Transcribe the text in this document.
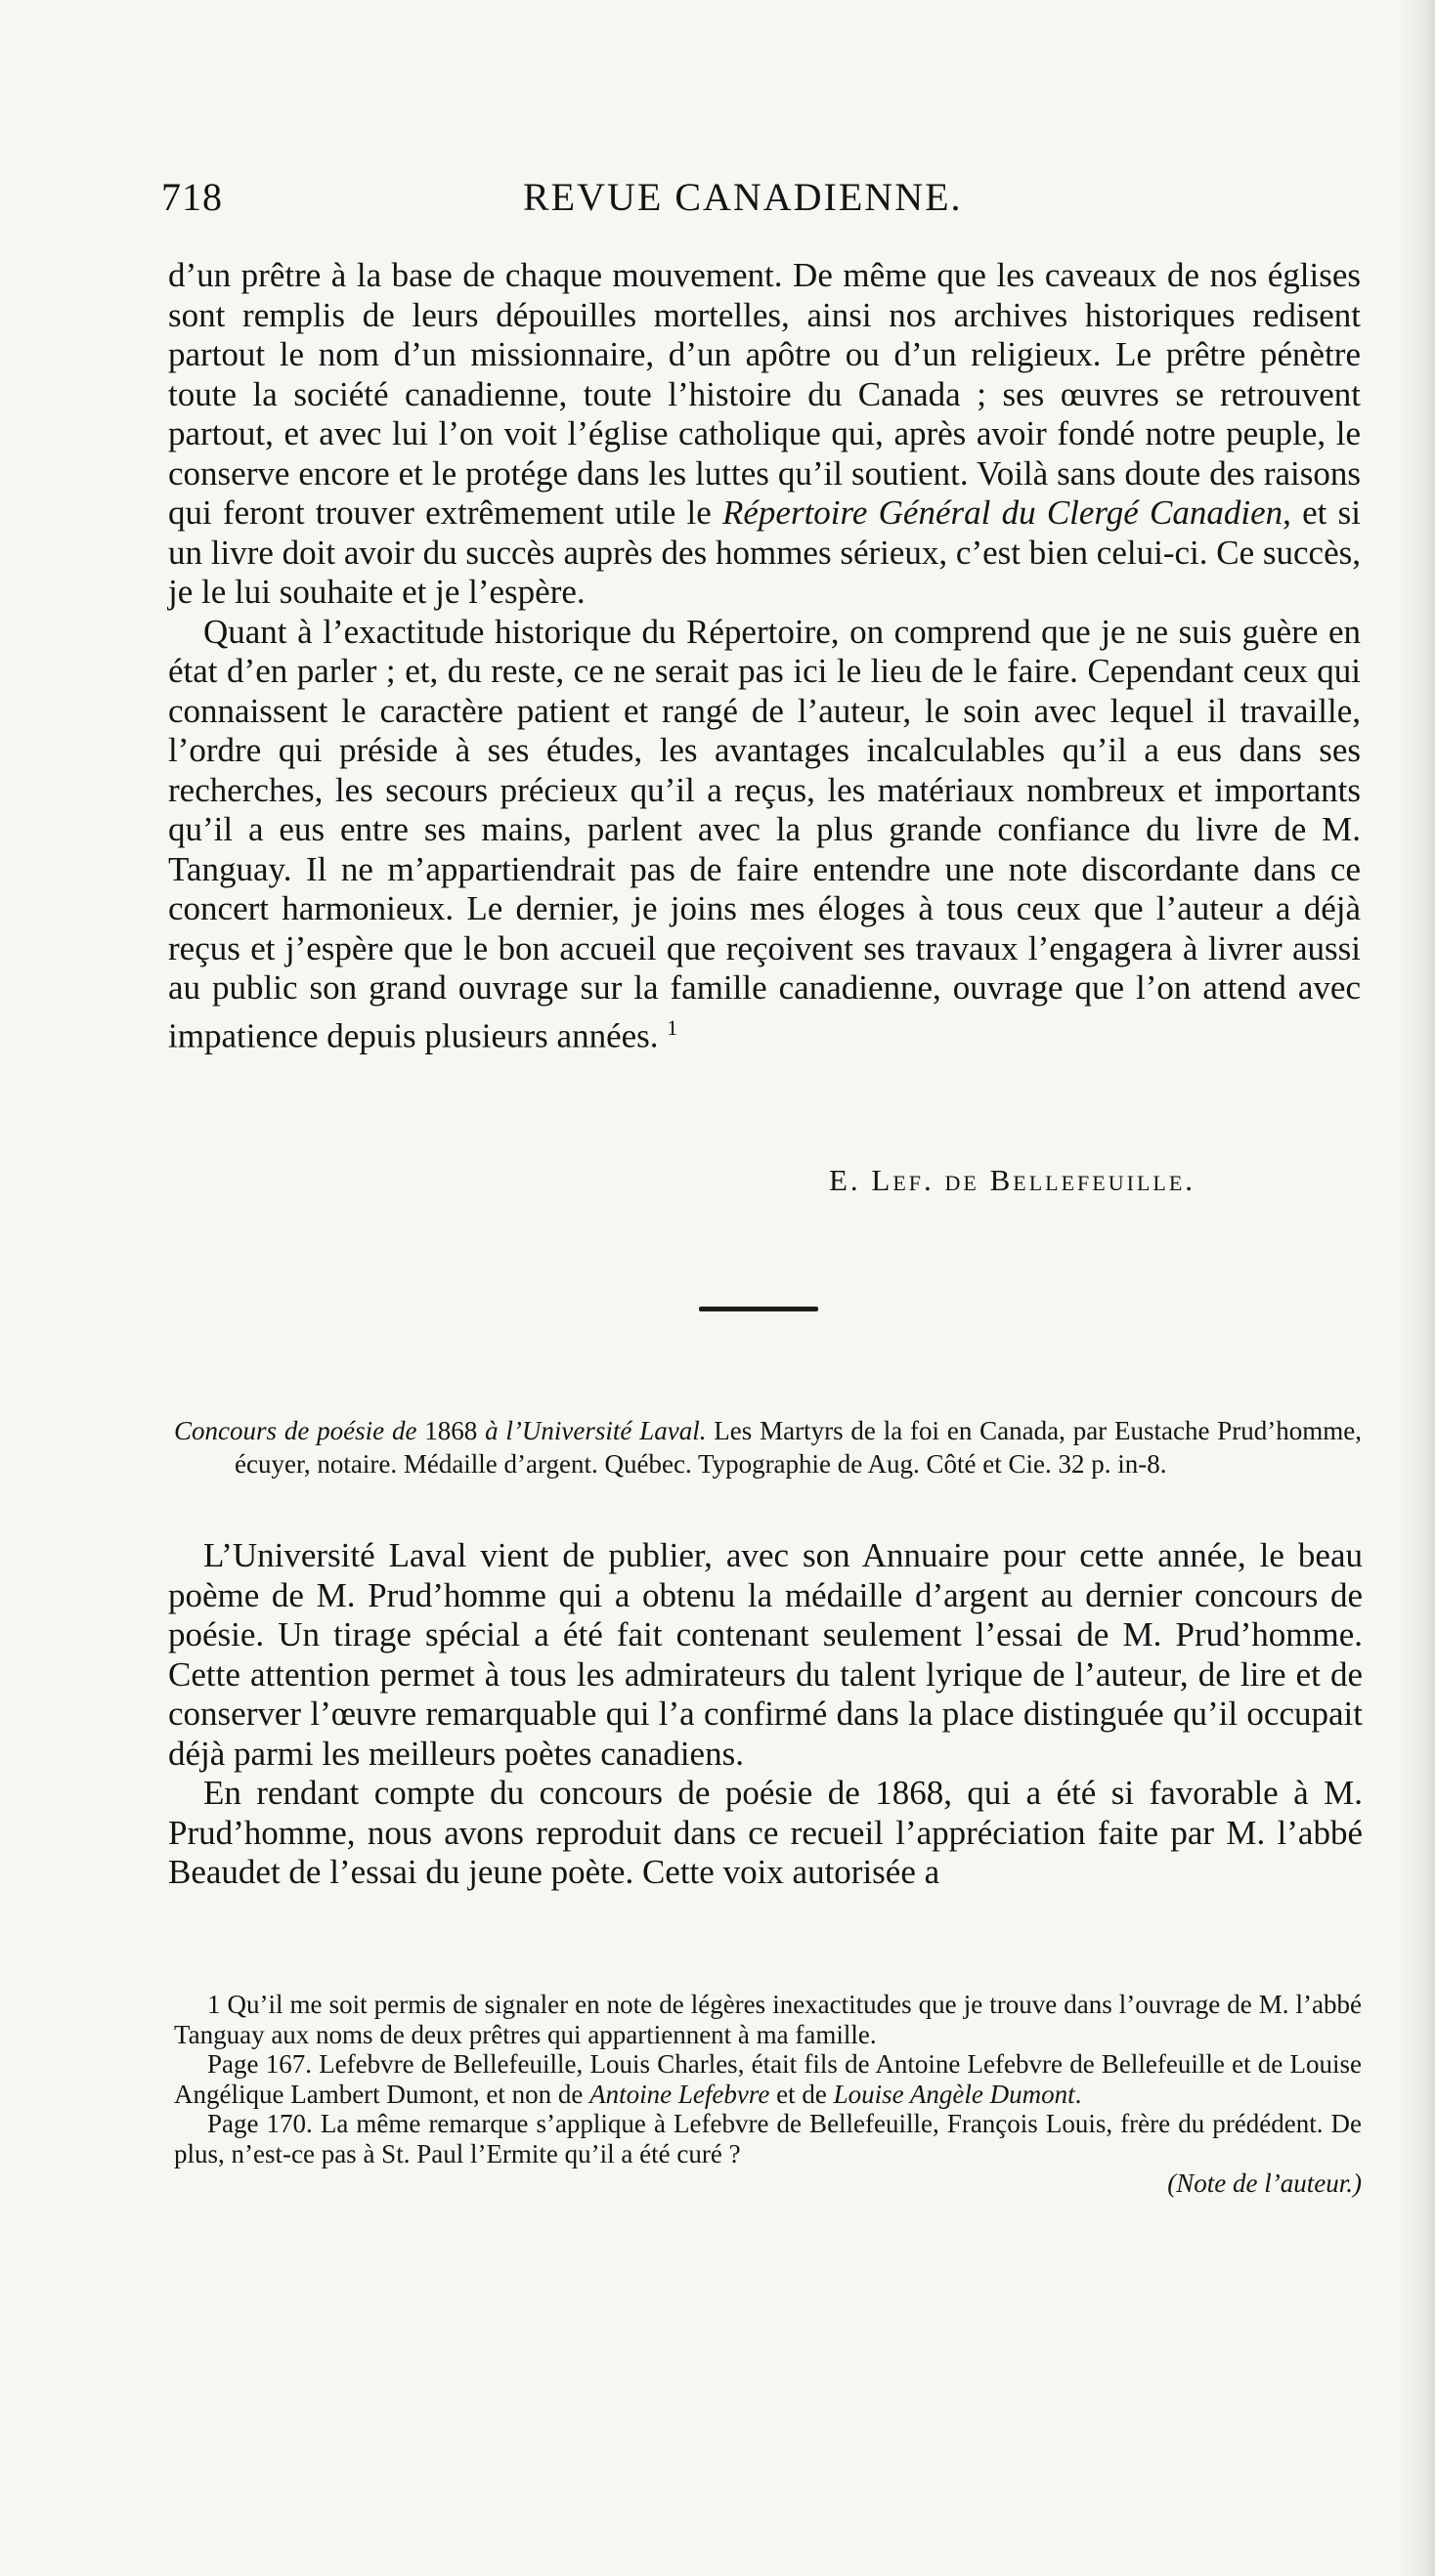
718	REVUE CANADIENNE.

d’un prêtre à la base de chaque mouvement. De même que les caveaux de nos églises sont remplis de leurs dépouilles mortelles, ainsi nos archives historiques redisent partout le nom d’un missionnaire, d’un apôtre ou d’un religieux. Le prêtre pénètre toute la société canadienne, toute l’histoire du Canada ; ses œuvres se retrouvent partout, et avec lui l’on voit l’église catholique qui, après avoir fondé notre peuple, le conserve encore et le protége dans les luttes qu’il soutient. Voilà sans doute des raisons qui feront trouver extrêmement utile le Répertoire Général du Clergé Canadien, et si un livre doit avoir du succès auprès des hommes sérieux, c’est bien celui-ci. Ce succès, je le lui souhaite et je l’espère.

Quant à l’exactitude historique du Répertoire, on comprend que je ne suis guère en état d’en parler ; et, du reste, ce ne serait pas ici le lieu de le faire. Cependant ceux qui connaissent le caractère patient et rangé de l’auteur, le soin avec lequel il travaille, l’ordre qui préside à ses études, les avantages incalculables qu’il a eus dans ses recherches, les secours précieux qu’il a reçus, les matériaux nombreux et importants qu’il a eus entre ses mains, parlent avec la plus grande confiance du livre de M. Tanguay. Il ne m’appartiendrait pas de faire entendre une note discordante dans ce concert harmonieux. Le dernier, je joins mes éloges à tous ceux que l’auteur a déjà reçus et j’espère que le bon accueil que reçoivent ses travaux l’engagera à livrer aussi au public son grand ouvrage sur la famille canadienne, ouvrage que l’on attend avec impatience depuis plusieurs années. $^1$

E. Lef. de Bellefeuille.
Concours de poésie de 1868 à l’Université Laval. Les Martyrs de la foi en Canada, par Eustache Prud’homme, écuyer, notaire. Médaille d’argent. Québec. Typographie de Aug. Côté et Cie. 32 p. in-8.

L’Université Laval vient de publier, avec son Annuaire pour cette année, le beau poème de M. Prud’homme qui a obtenu la médaille d’argent au dernier concours de poésie. Un tirage spécial a été fait contenant seulement l’essai de M. Prud’homme. Cette attention permet à tous les admirateurs du talent lyrique de l’auteur, de lire et de conserver l’œuvre remarquable qui l’a confirmé dans la place distinguée qu’il occupait déjà parmi les meilleurs poètes canadiens.

En rendant compte du concours de poésie de 1868, qui a été si favorable à M. Prud’homme, nous avons reproduit dans ce recueil l’appréciation faite par M. l’abbé Beaudet de l’essai du jeune poète. Cette voix autorisée a

1 Qu’il me soit permis de signaler en note de légères inexactitudes que je trouve dans l’ouvrage de M. l’abbé Tanguay aux noms de deux prêtres qui appartiennent à ma famille.

Page 167. Lefebvre de Bellefeuille, Louis Charles, était fils de Antoine Lefebvre de Bellefeuille et de Louise Angélique Lambert Dumont, et non de Antoine Lefebvre et de Louise Angèle Dumont.

Page 170. La même remarque s’applique à Lefebvre de Bellefeuille, François Louis, frère du prédédent. De plus, n’est-ce pas à St. Paul l’Ermite qu’il a été curé ?

(Note de l’auteur.)
